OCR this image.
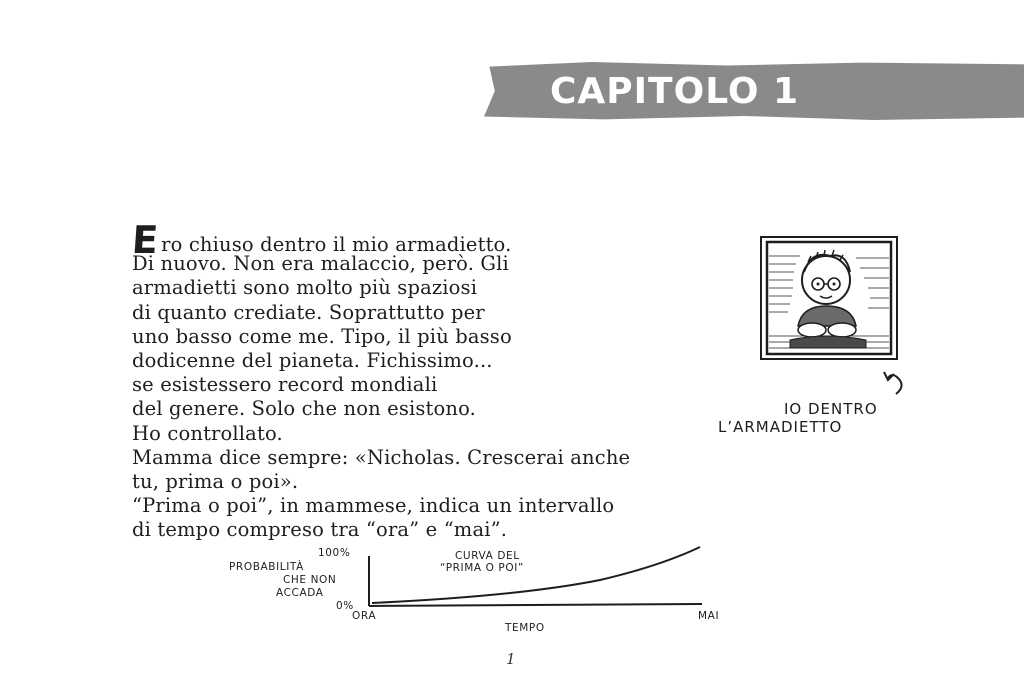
CAPITOLO 1
Ero chiuso dentro il mio armadietto.
Di nuovo. Non era malaccio, però. Gli
armadietti sono molto più spaziosi
di quanto crediate. Soprattutto per
uno basso come me. Tipo, il più basso
dodicenne del pianeta. Fichissimo...
se esistessero record mondiali
del genere. Solo che non esistono.
Ho controllato.
Mamma dice sempre: «Nicholas. Crescerai anche
tu, prima o poi».
“Prima o poi”, in mammese, indica un intervallo
di tempo compreso tra “ora” e “mai”.
IO DENTRO
L’ARMADIETTO
100%
PROBABILITÀ
CHE NON
ACCADA
0%
CURVA DEL
“PRIMA O POI”
ORA	MAI
TEMPO
1
